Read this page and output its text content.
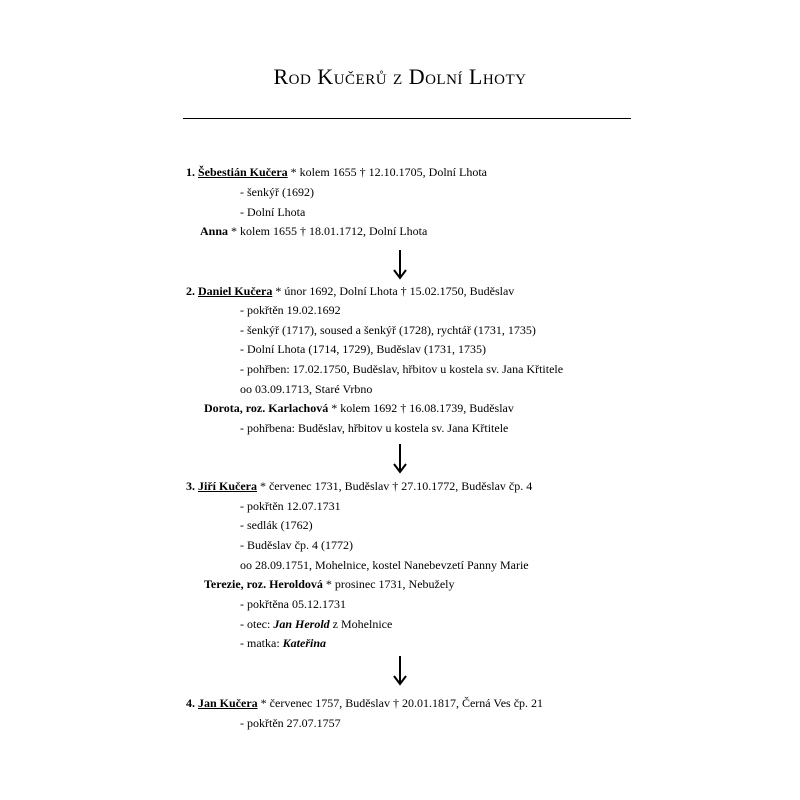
Rod Kučerů z Dolní Lhoty
1. Šebestián Kučera * kolem 1655 † 12.10.1705, Dolní Lhota
- šenkýř (1692)
- Dolní Lhota
Anna * kolem 1655 † 18.01.1712, Dolní Lhota
2. Daniel Kučera * únor 1692, Dolní Lhota † 15.02.1750, Buděslav
- pokřtěn 19.02.1692
- šenkýř (1717), soused a šenkýř (1728), rychtář (1731, 1735)
- Dolní Lhota (1714, 1729), Buděslav (1731, 1735)
- pohřben: 17.02.1750, Buděslav, hřbitov u kostela sv. Jana Křtitele
oo 03.09.1713, Staré Vrbno
Dorota, roz. Karlachová * kolem 1692 † 16.08.1739, Buděslav
- pohřbena: Buděslav, hřbitov u kostela sv. Jana Křtitele
3. Jiří Kučera * červenec 1731, Buděslav † 27.10.1772, Buděslav čp. 4
- pokřtěn 12.07.1731
- sedlák (1762)
- Buděslav čp. 4 (1772)
oo 28.09.1751, Mohelnice, kostel Nanebevzetí Panny Marie
Terezie, roz. Heroldová * prosinec 1731, Nebužely
- pokřtěna 05.12.1731
- otec: Jan Herold z Mohelnice
- matka: Kateřina
4. Jan Kučera * červenec 1757, Buděslav † 20.01.1817, Černá Ves čp. 21
- pokřtěn 27.07.1757
